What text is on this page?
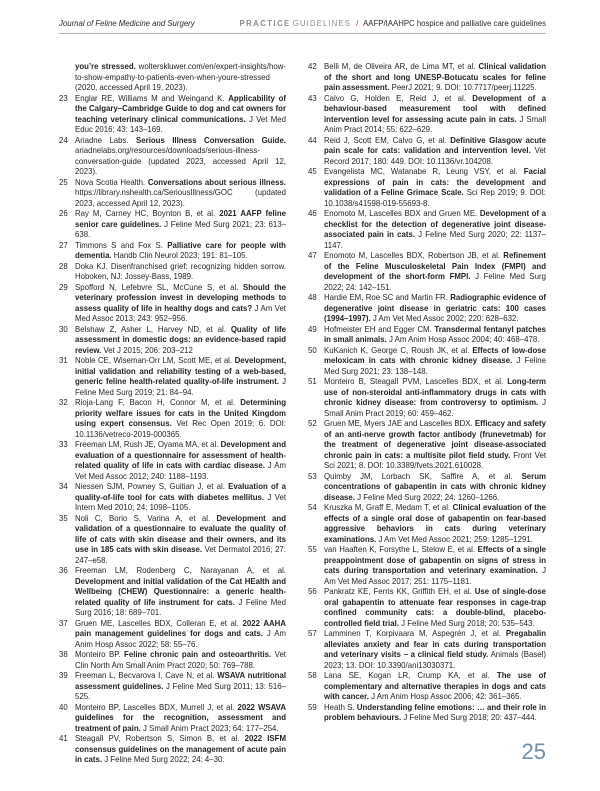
Journal of Feline Medicine and Surgery	PRACTICE GUIDELINES / AAFP/IAAHPC hospice and palliative care guidelines

you’re stressed. wolterskluwer.com/en/expert-insights/how-to-show-empathy-to-patients-even-when-youre-stressed (2020, accessed April 19, 2023).

23 Englar RE, Williams M and Weingand K. Applicability of the Calgary–Cambridge Guide to dog and cat owners for teaching veterinary clinical communications. J Vet Med Educ 2016; 43: 143–169.

24 Ariadne Labs. Serious Illness Conversation Guide. ariadnelabs.org/resources/downloads/serious-illness-conversation-guide (updated 2023, accessed April 12, 2023).

25 Nova Scotia Health. Conversations about serious illness. https://library.nshealth.ca/SeriousIllness/GOC (updated 2023, accessed April 12, 2023).

26 Ray M, Carney HC, Boynton B, et al. 2021 AAFP feline senior care guidelines. J Feline Med Surg 2021; 23: 613–638.

27 Timmons S and Fox S. Palliative care for people with dementia. Handb Clin Neurol 2023; 191: 81–105.

28 Doka KJ. Disenfranchised grief: recognizing hidden sorrow. Hoboken, NJ: Jossey-Bass, 1989.

29 Spofford N, Lefebvre SL, McCune S, et al. Should the veterinary profession invest in developing methods to assess quality of life in healthy dogs and cats? J Am Vet Med Assoc 2013; 243: 952–956.

30 Belshaw Z, Asher L, Harvey ND, et al. Quality of life assessment in domestic dogs: an evidence-based rapid review. Vet J 2015; 206: 203–212

31 Noble CE, Wiseman-Orr LM, Scott ME, et al. Development, initial validation and reliability testing of a web-based, generic feline health-related quality-of-life instrument. J Feline Med Surg 2019; 21: 84–94.

32 Rioja-Lang F, Bacon H, Connor M, et al. Determining priority welfare issues for cats in the United Kingdom using expert consensus. Vet Rec Open 2019; 6. DOI: 10.1136/vetreco-2019-000365.

33 Freeman LM, Rush JE, Oyama MA, et al. Development and evaluation of a questionnaire for assessment of health-related quality of life in cats with cardiac disease. J Am Vet Med Assoc 2012; 240: 1188–1193.

34 Niessen SJM, Powney S, Guitian J, et al. Evaluation of a quality-of-life tool for cats with diabetes mellitus. J Vet Intern Med 2010; 24: 1098–1105.

35 Noli C, Borio S, Varina A, et al. Development and validation of a questionnaire to evaluate the quality of life of cats with skin disease and their owners, and its use in 185 cats with skin disease. Vet Dermatol 2016; 27: 247–e58.

36 Freeman LM, Rodenberg C, Narayanan A, et al. Development and initial validation of the Cat HEalth and Wellbeing (CHEW) Questionnaire: a generic health-related quality of life instrument for cats. J Feline Med Surg 2016; 18: 689–701.

37 Gruen ME, Lascelles BDX, Colleran E, et al. 2022 AAHA pain management guidelines for dogs and cats. J Am Anim Hosp Assoc 2022; 58: 55–76.

38 Monteiro BP. Feline chronic pain and osteoarthritis. Vet Clin North Am Small Anim Pract 2020; 50: 769–788.

39 Freeman L, Becvarova I, Cave N, et al. WSAVA nutritional assessment guidelines. J Feline Med Surg 2011; 13: 516–525.

40 Monteiro BP, Lascelles BDX, Murrell J, et al. 2022 WSAVA guidelines for the recognition, assessment and treatment of pain. J Small Anim Pract 2023; 64: 177–254.

41 Steagall PV, Robertson S, Simon B, et al. 2022 ISFM consensus guidelines on the management of acute pain in cats. J Feline Med Surg 2022; 24: 4–30.

42 Belli M, de Oliveira AR, de Lima MT, et al. Clinical validation of the short and long UNESP-Botucatu scales for feline pain assessment. PeerJ 2021; 9. DOI: 10.7717/peerj.11225.

43 Calvo G, Holden E, Reid J, et al. Development of a behaviour-based measurement tool with defined intervention level for assessing acute pain in cats. J Small Anim Pract 2014; 55: 622–629.

44 Reid J, Scott EM, Calvo G, et al. Definitive Glasgow acute pain scale for cats: validation and intervention level. Vet Record 2017; 180: 449. DOI: 10.1136/vr.104208.

45 Evangelista MC, Watanabe R, Leung VSY, et al. Facial expressions of pain in cats: the development and validation of a Feline Grimace Scale. Sci Rep 2019; 9. DOI: 10.1038/s41598-019-55693-8.

46 Enomoto M, Lascelles BDX and Gruen ME. Development of a checklist for the detection of degenerative joint disease-associated pain in cats. J Feline Med Surg 2020; 22: 1137–1147.

47 Enomoto M, Lascelles BDX, Robertson JB, et al. Refinement of the Feline Musculoskeletal Pain Index (FMPI) and development of the short-form FMPI. J Feline Med Surg 2022; 24: 142–151.

48 Hardie EM, Roe SC and Martin FR. Radiographic evidence of degenerative joint disease in geriatric cats: 100 cases (1994–1997). J Am Vet Med Assoc 2002; 220: 628–632.

49 Hofmeister EH and Egger CM. Transdermal fentanyl patches in small animals. J Am Anim Hosp Assoc 2004; 40: 468–478.

50 KuKanich K, George C, Roush JK, et al. Effects of low-dose meloxicam in cats with chronic kidney disease. J Feline Med Surg 2021; 23: 138–148.

51 Monteiro B, Steagall PVM, Lascelles BDX, et al. Long-term use of non-steroidal anti-inflammatory drugs in cats with chronic kidney disease: from controversy to optimism. J Small Anim Pract 2019; 60: 459–462.

52 Gruen ME, Myers JAE and Lascelles BDX. Efficacy and safety of an anti-nerve growth factor antibody (frunevetmab) for the treatment of degenerative joint disease-associated chronic pain in cats: a multisite pilot field study. Front Vet Sci 2021; 8. DOI: 10.3389/fvets.2021.610028.

53 Quimby JM, Lorbach SK, Saffire A, et al. Serum concentrations of gabapentin in cats with chronic kidney disease. J Feline Med Surg 2022; 24: 1260–1266.

54 Kruszka M, Graff E, Medam T, et al. Clinical evaluation of the effects of a single oral dose of gabapentin on fear-based aggressive behaviors in cats during veterinary examinations. J Am Vet Med Assoc 2021; 259: 1285–1291.

55 van Haaften K, Forsythe L, Stelow E, et al. Effects of a single preappointment dose of gabapentin on signs of stress in cats during transportation and veterinary examination. J Am Vet Med Assoc 2017; 251: 1175–1181.

56 Pankratz KE, Ferris KK, Griffith EH, et al. Use of single-dose oral gabapentin to attenuate fear responses in cage-trap confined community cats: a double-blind, placebo-controlled field trial. J Feline Med Surg 2018; 20: 535–543.

57 Lamminen T, Korpivaara M, Aspegrén J, et al. Pregabalin alleviates anxiety and fear in cats during transportation and veterinary visits – a clinical field study. Animals (Basel) 2023; 13. DOI: 10.3390/ani13030371.

58 Lana SE, Kogan LR, Crump KA, et al. The use of complementary and alternative therapies in dogs and cats with cancer. J Am Anim Hosp Assoc 2006; 42: 361–365.

59 Heath S. Understanding feline emotions: … and their role in problem behaviours. J Feline Med Surg 2018; 20: 437–444.

25
